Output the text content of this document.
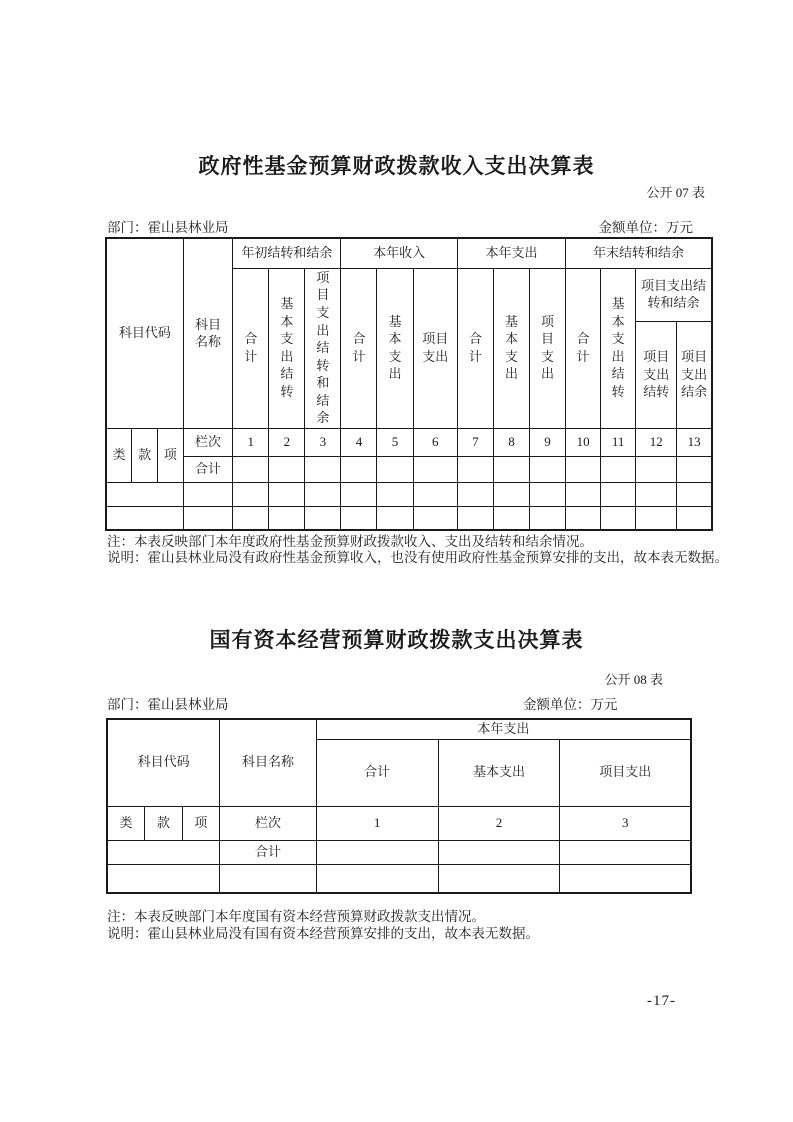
政府性基金预算财政拨款收入支出决算表
公开 07 表
部门：霍山县林业局	金额单位：万元
科目代码			科目名称	年初结转和结余			本年收入			本年支出			年末结转和结余			
				合计	基本支出结转	项目支出结转和结余	合计	基本支出	项目支出	合计	基本支出	项目支出	合计	基本支出结转	项目支出结转和结余	
															项目支出结转	项目支出结余
类	款	项	栏次	1	2	3	4	5	6	7	8	9	10	11	12	13
			合计													

注：本表反映部门本年度政府性基金预算财政拨款收入、支出及结转和结余情况。
说明：霍山县林业局没有政府性基金预算收入，也没有使用政府性基金预算安排的支出，故本表无数据。
国有资本经营预算财政拨款支出决算表
公开 08 表
部门：霍山县林业局	金额单位：万元
科目代码			科目名称	本年支出		
				合计	基本支出	项目支出
类	款	项	栏次	1	2	3
			合计			

注：本表反映部门本年度国有资本经营预算财政拨款支出情况。
说明：霍山县林业局没有国有资本经营预算安排的支出，故本表无数据。
-17-
